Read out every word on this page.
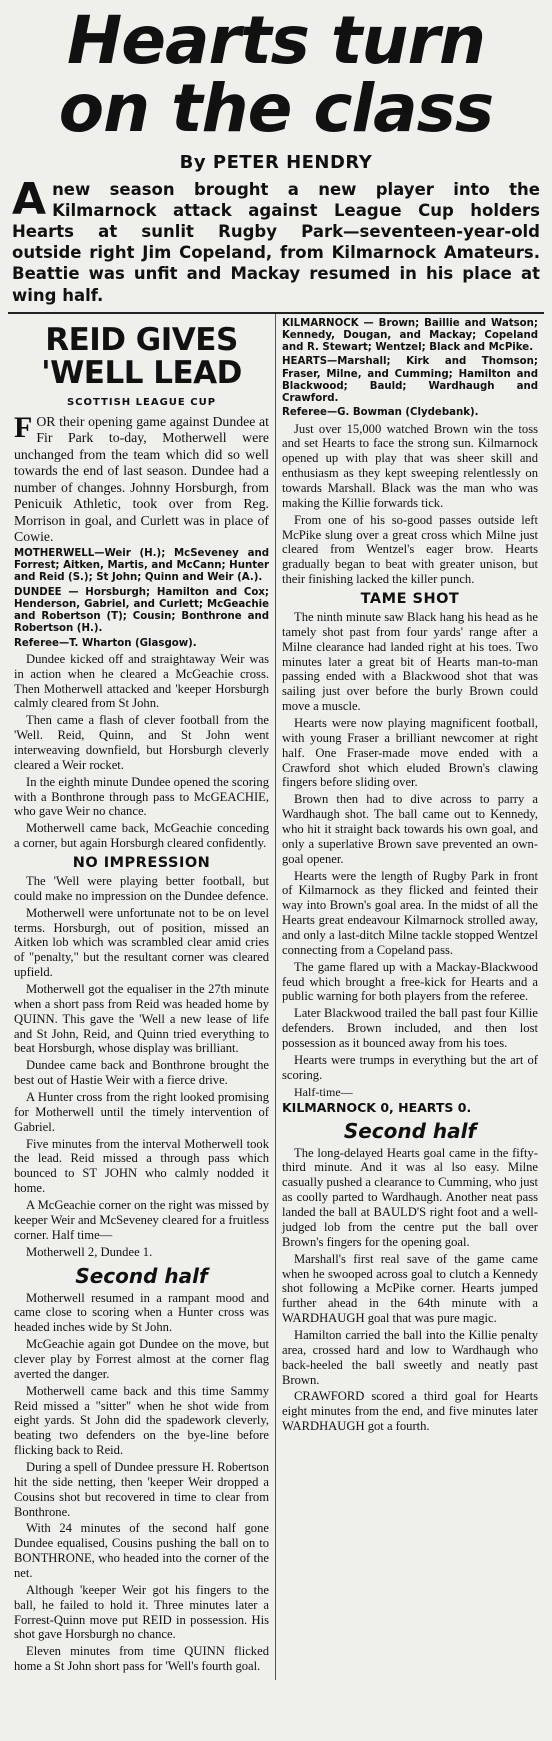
Hearts turn
on the class
By PETER HENDRY

A new season brought a new player into the Kilmarnock attack against League Cup holders Hearts at sunlit Rugby Park—seventeen-year-old outside right Jim Copeland, from Kilmarnock Amateurs. Beattie was unfit and Mackay resumed in his place at wing half.

REID GIVES 'WELL LEAD
SCOTTISH LEAGUE CUP

F OR their opening game against Dundee at Fir Park to-day, Motherwell were unchanged from the team which did so well towards the end of last season. Dundee had a number of changes. Johnny Horsburgh, from Penicuik Athletic, took over from Reg. Morrison in goal, and Curlett was in place of Cowie.

MOTHERWELL—Weir (H.); McSeveney and Forrest; Aitken, Martis, and McCann; Hunter and Reid (S.); St John; Quinn and Weir (A.).

DUNDEE — Horsburgh; Hamilton and Cox; Henderson, Gabriel, and Curlett; McGeachie and Robertson (T); Cousin; Bonthrone and Robertson (H.).

Referee—T. Wharton (Glasgow).

Dundee kicked off and straightaway Weir was in action when he cleared a McGeachie cross. Then Motherwell attacked and 'keeper Horsburgh calmly cleared from St John.

Then came a flash of clever football from the 'Well. Reid, Quinn, and St John went interweaving downfield, but Horsburgh cleverly cleared a Weir rocket.

In the eighth minute Dundee opened the scoring with a Bonthrone through pass to McGEACHIE, who gave Weir no chance.

Motherwell came back, McGeachie conceding a corner, but again Horsburgh cleared confidently.

NO IMPRESSION

The 'Well were playing better football, but could make no impression on the Dundee defence.

Motherwell were unfortunate not to be on level terms. Horsburgh, out of position, missed an Aitken lob which was scrambled clear amid cries of "penalty," but the resultant corner was cleared upfield.

Motherwell got the equaliser in the 27th minute when a short pass from Reid was headed home by QUINN. This gave the 'Well a new lease of life and St John, Reid, and Quinn tried everything to beat Horsburgh, whose display was brilliant.

Dundee came back and Bonthrone brought the best out of Hastie Weir with a fierce drive.

A Hunter cross from the right looked promising for Motherwell until the timely intervention of Gabriel.

Five minutes from the interval Motherwell took the lead. Reid missed a through pass which bounced to ST JOHN who calmly nodded it home.

A McGeachie corner on the right was missed by keeper Weir and McSeveney cleared for a fruitless corner. Half time—

Motherwell 2, Dundee 1.

Second half

Motherwell resumed in a rampant mood and came close to scoring when a Hunter cross was headed inches wide by St John.

McGeachie again got Dundee on the move, but clever play by Forrest almost at the corner flag averted the danger.

Motherwell came back and this time Sammy Reid missed a "sitter" when he shot wide from eight yards. St John did the spadework cleverly, beating two defenders on the bye-line before flicking back to Reid.

During a spell of Dundee pressure H. Robertson hit the side netting, then 'keeper Weir dropped a Cousins shot but recovered in time to clear from Bonthrone.

With 24 minutes of the second half gone Dundee equalised, Cousins pushing the ball on to BONTHRONE, who headed into the corner of the net.

Although 'keeper Weir got his fingers to the ball, he failed to hold it. Three minutes later a Forrest-Quinn move put REID in possession. His shot gave Horsburgh no chance.

Eleven minutes from time QUINN flicked home a St John short pass for 'Well's fourth goal.

KILMARNOCK — Brown; Baillie and Watson; Kennedy, Dougan, and Mackay; Copeland and R. Stewart; Wentzel; Black and McPike.

HEARTS—Marshall; Kirk and Thomson; Fraser, Milne, and Cumming; Hamilton and Blackwood; Bauld; Wardhaugh and Crawford.

Referee—G. Bowman (Clydebank).

Just over 15,000 watched Brown win the toss and set Hearts to face the strong sun. Kilmarnock opened up with play that was sheer skill and enthusiasm as they kept sweeping relentlessly on towards Marshall. Black was the man who was making the Killie forwards tick.

From one of his so-good passes outside left McPike slung over a great cross which Milne just cleared from Wentzel's eager brow. Hearts gradually began to beat with greater unison, but their finishing lacked the killer punch.

TAME SHOT

The ninth minute saw Black hang his head as he tamely shot past from four yards' range after a Milne clearance had landed right at his toes. Two minutes later a great bit of Hearts man-to-man passing ended with a Blackwood shot that was sailing just over before the burly Brown could move a muscle.

Hearts were now playing magnificent football, with young Fraser a brilliant newcomer at right half. One Fraser-made move ended with a Crawford shot which eluded Brown's clawing fingers before sliding over.

Brown then had to dive across to parry a Wardhaugh shot. The ball came out to Kennedy, who hit it straight back towards his own goal, and only a superlative Brown save prevented an own-goal opener.

Hearts were the length of Rugby Park in front of Kilmarnock as they flicked and feinted their way into Brown's goal area. In the midst of all the Hearts great endeavour Kilmarnock strolled away, and only a last-ditch Milne tackle stopped Wentzel connecting from a Copeland pass.

The game flared up with a Mackay-Blackwood feud which brought a free-kick for Hearts and a public warning for both players from the referee.

Later Blackwood trailed the ball past four Killie defenders. Brown included, and then lost possession as it bounced away from his toes.

Hearts were trumps in everything but the art of scoring.

Half-time—

KILMARNOCK 0, HEARTS 0.

Second half

The long-delayed Hearts goal came in the fifty-third minute. And it was al lso easy. Milne casually pushed a clearance to Cumming, who just as coolly parted to Wardhaugh. Another neat pass landed the ball at BAULD'S right foot and a well-judged lob from the centre put the ball over Brown's fingers for the opening goal.

Marshall's first real save of the game came when he swooped across goal to clutch a Kennedy shot following a McPike corner. Hearts jumped further ahead in the 64th minute with a WARDHAUGH goal that was pure magic.

Hamilton carried the ball into the Killie penalty area, crossed hard and low to Wardhaugh who back-heeled the ball sweetly and neatly past Brown.

CRAWFORD scored a third goal for Hearts eight minutes from the end, and five minutes later WARDHAUGH got a fourth.
